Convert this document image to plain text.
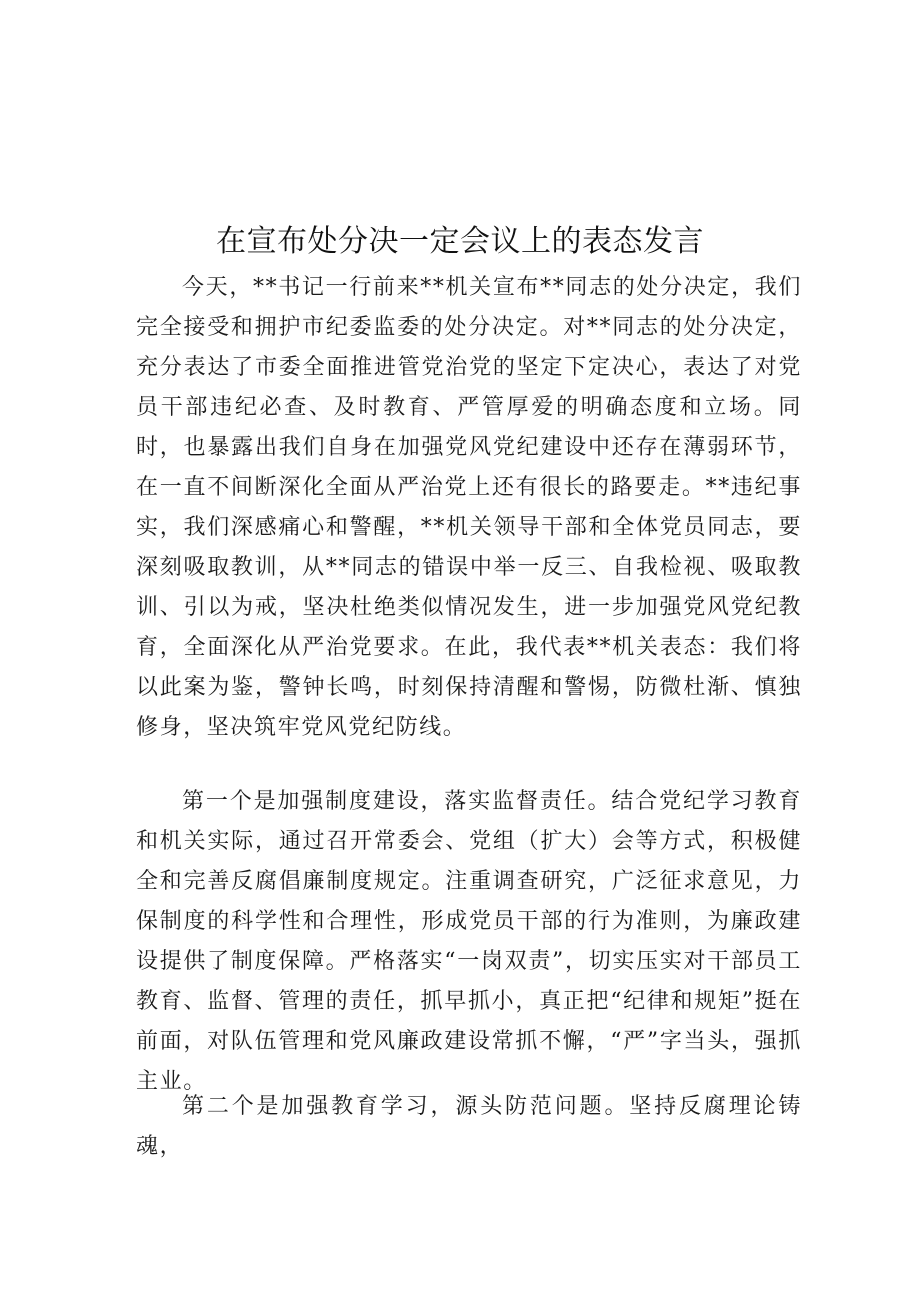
在宣布处分决一定会议上的表态发言

今天，**书记一行前来**机关宣布**同志的处分决定，我们完全接受和拥护市纪委监委的处分决定。对**同志的处分决定，充分表达了市委全面推进管党治党的坚定下定决心，表达了对党员干部违纪必查、及时教育、严管厚爱的明确态度和立场。同时，也暴露出我们自身在加强党风党纪建设中还存在薄弱环节，在一直不间断深化全面从严治党上还有很长的路要走。**违纪事实，我们深感痛心和警醒，**机关领导干部和全体党员同志，要深刻吸取教训，从**同志的错误中举一反三、自我检视、吸取教训、引以为戒，坚决杜绝类似情况发生，进一步加强党风党纪教育，全面深化从严治党要求。在此，我代表**机关表态：我们将以此案为鉴，警钟长鸣，时刻保持清醒和警惕，防微杜渐、慎独修身，坚决筑牢党风党纪防线。

第一个是加强制度建设，落实监督责任。结合党纪学习教育和机关实际，通过召开常委会、党组（扩大）会等方式，积极健全和完善反腐倡廉制度规定。注重调查研究，广泛征求意见，力保制度的科学性和合理性，形成党员干部的行为准则，为廉政建设提供了制度保障。严格落实“一岗双责”，切实压实对干部员工教育、监督、管理的责任，抓早抓小，真正把“纪律和规矩”挺在前面，对队伍管理和党风廉政建设常抓不懈，“严”字当头，强抓主业。

第二个是加强教育学习，源头防范问题。坚持反腐理论铸魂，
